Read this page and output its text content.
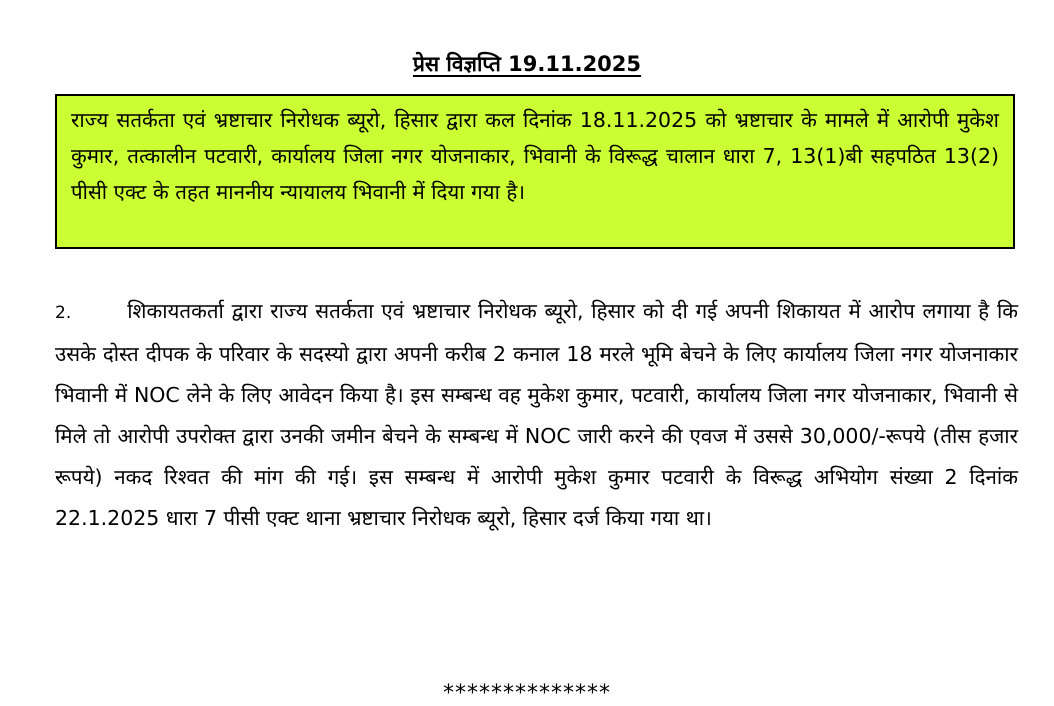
प्रेस विज्ञप्ति 19.11.2025
राज्य सतर्कता एवं भ्रष्टाचार निरोधक ब्यूरो, हिसार द्वारा कल दिनांक 18.11.2025 को भ्रष्टाचार के मामले में आरोपी मुकेश कुमार, तत्कालीन पटवारी, कार्यालय जिला नगर योजनाकार, भिवानी के विरूद्ध चालान धारा 7, 13(1)बी सहपठित 13(2) पीसी एक्ट के तहत माननीय न्यायालय भिवानी में दिया गया है।
2.	शिकायतकर्ता द्वारा राज्य सतर्कता एवं भ्रष्टाचार निरोधक ब्यूरो, हिसार को दी गई अपनी शिकायत में आरोप लगाया है कि उसके दोस्त दीपक के परिवार के सदस्यो द्वारा अपनी करीब 2 कनाल 18 मरले भूमि बेचने के लिए कार्यालय जिला नगर योजनाकार भिवानी में NOC लेने के लिए आवेदन किया है। इस सम्बन्ध वह मुकेश कुमार, पटवारी, कार्यालय जिला नगर योजनाकार, भिवानी से मिले तो आरोपी उपरोक्त द्वारा उनकी जमीन बेचने के सम्बन्ध में NOC जारी करने की एवज में उससे 30,000/-रूपये (तीस हजार रूपये) नकद रिश्वत की मांग की गई। इस सम्बन्ध में आरोपी मुकेश कुमार पटवारी के विरूद्ध अभियोग संख्या 2 दिनांक 22.1.2025 धारा 7 पीसी एक्ट थाना भ्रष्टाचार निरोधक ब्यूरो, हिसार दर्ज किया गया था।
**************
